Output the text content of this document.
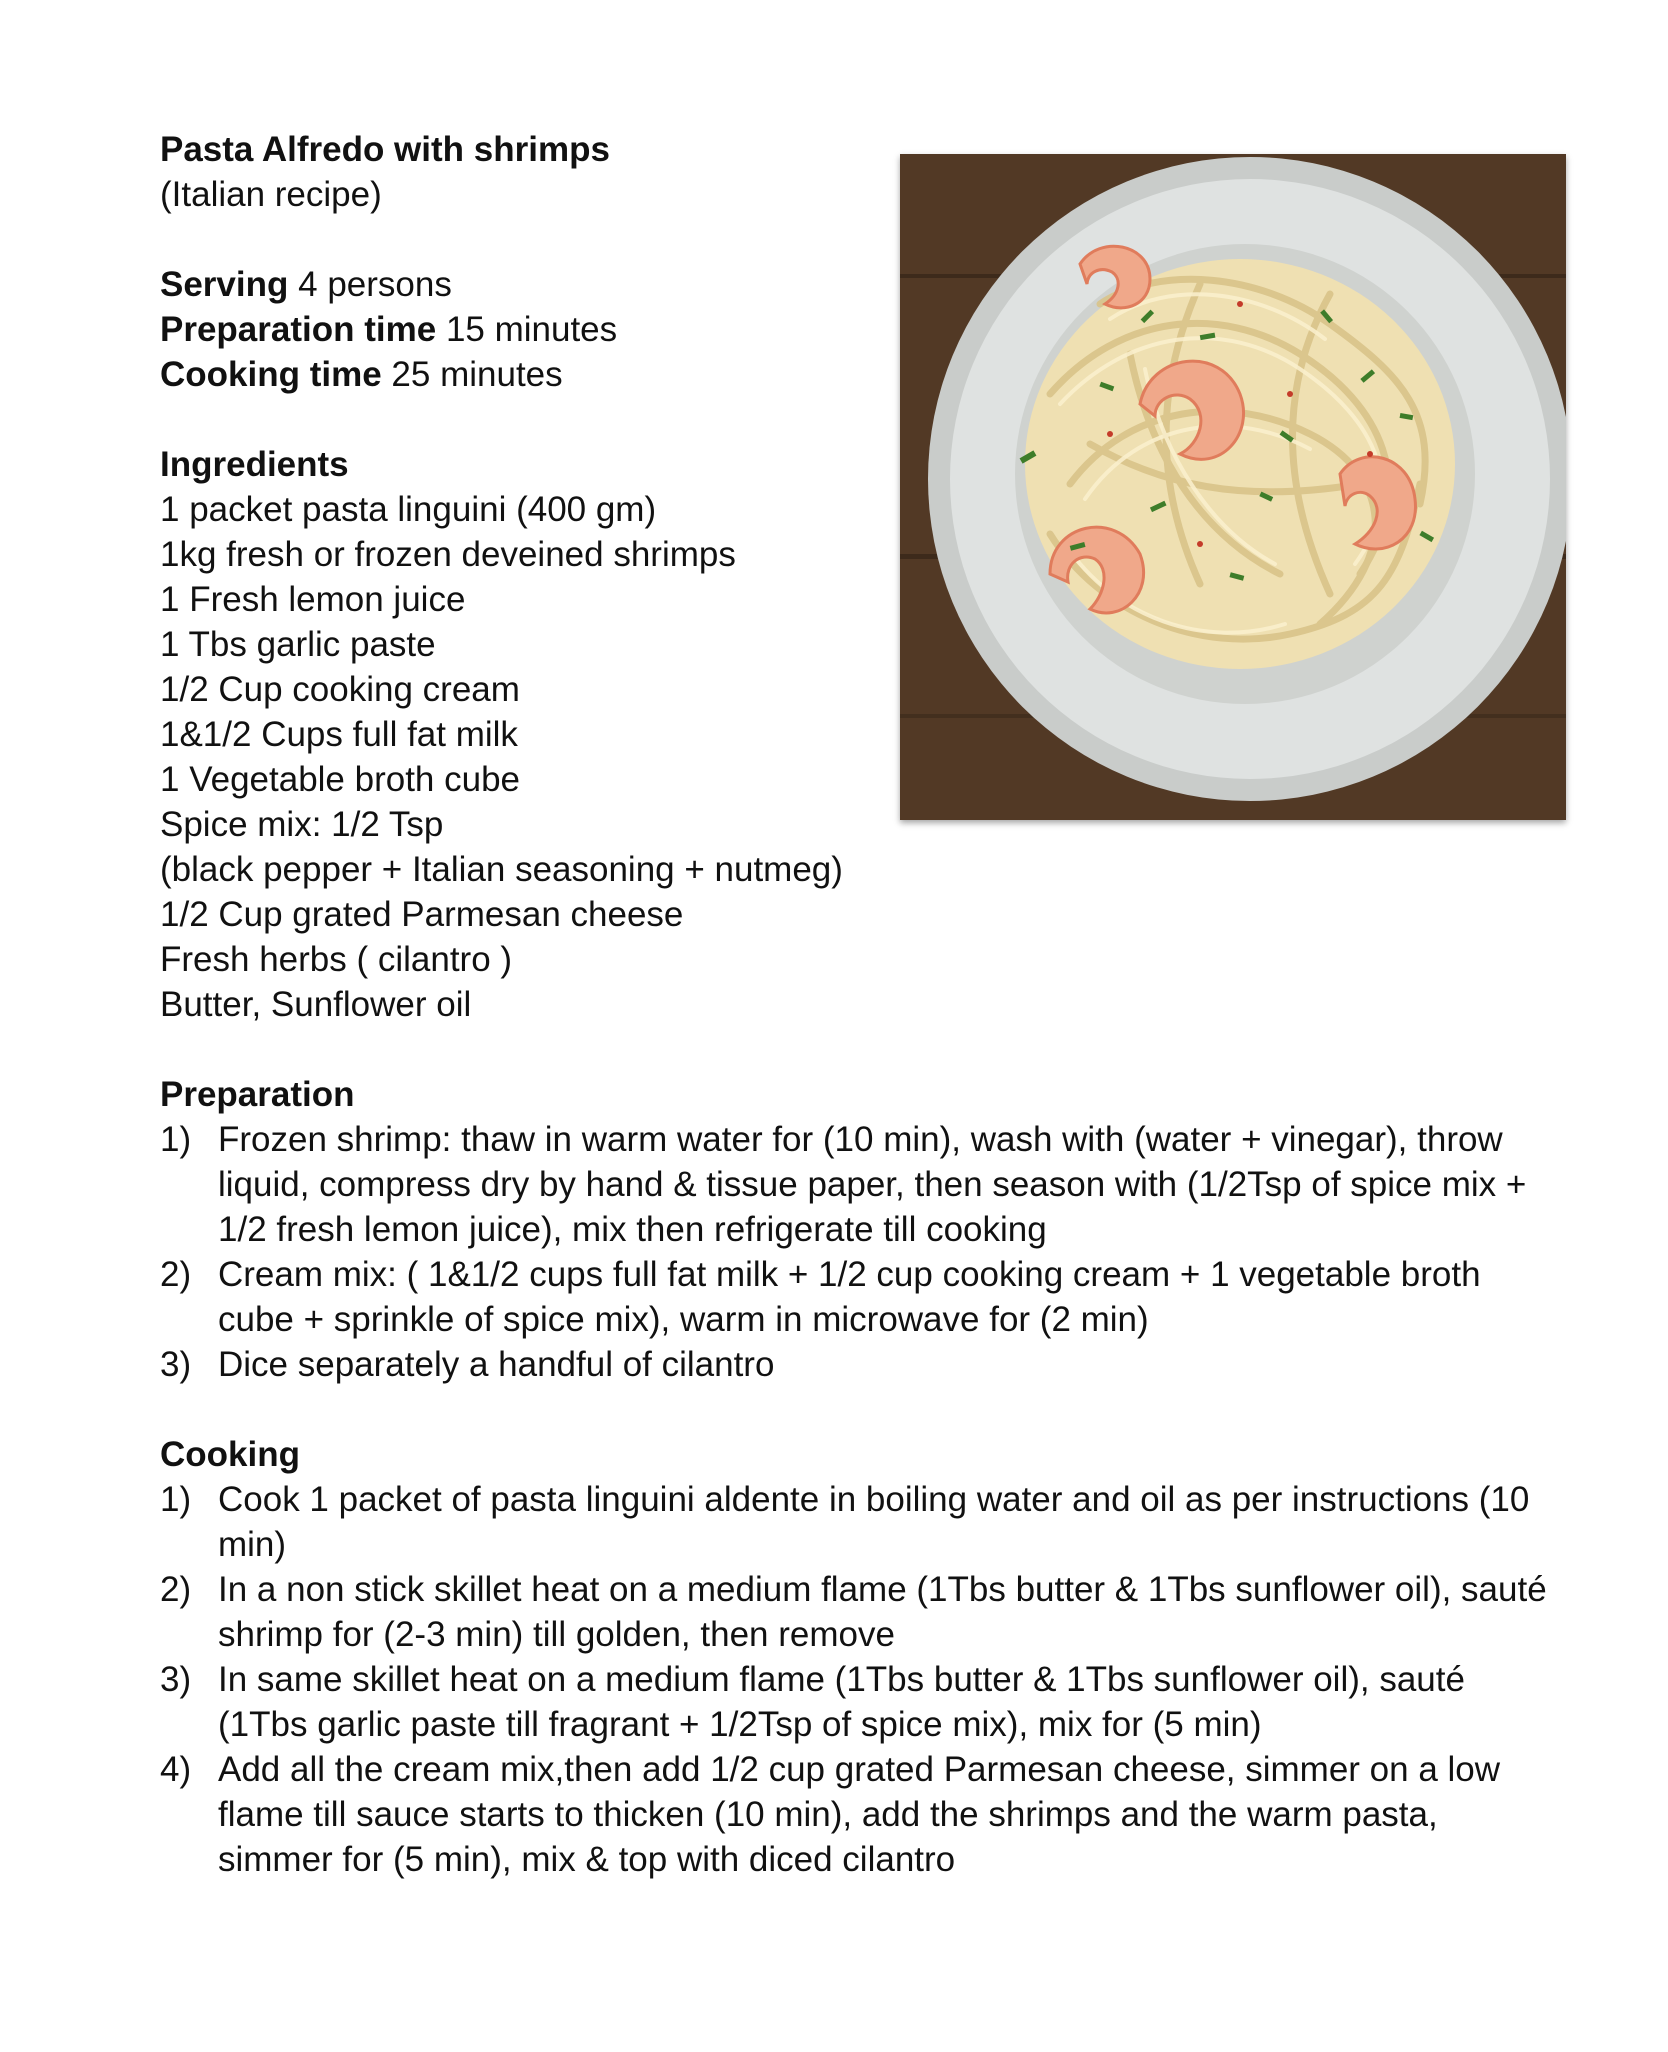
Pasta Alfredo with shrimps

(Italian recipe)

Serving 4 persons

Preparation time 15 minutes

Cooking time 25 minutes

Ingredients

1 packet pasta linguini (400 gm)

1kg fresh or frozen deveined shrimps

1 Fresh lemon juice

1 Tbs garlic paste

1/2 Cup cooking cream

1&1/2 Cups full fat milk

1 Vegetable broth cube

Spice mix: 1/2 Tsp

(black pepper + Italian seasoning + nutmeg)

1/2 Cup grated Parmesan cheese

Fresh herbs ( cilantro )

Butter, Sunflower oil

Preparation

1) Frozen shrimp: thaw in warm water for (10 min), wash with (water + vinegar), throw liquid, compress dry by hand & tissue paper, then season with (1/2Tsp of spice mix + 1/2 fresh lemon juice), mix then refrigerate till cooking
2) Cream mix: ( 1&1/2 cups full fat milk + 1/2 cup cooking cream + 1 vegetable broth cube + sprinkle of spice mix), warm in microwave for (2 min)
3) Dice separately a handful of cilantro

Cooking

1) Cook 1 packet of pasta linguini aldente in boiling water and oil as per instructions (10 min)
2) In a non stick skillet heat on a medium flame (1Tbs butter & 1Tbs sunflower oil), sauté shrimp for (2-3 min) till golden, then remove
3) In same skillet heat on a medium flame (1Tbs butter & 1Tbs sunflower oil), sauté (1Tbs garlic paste till fragrant + 1/2Tsp of spice mix), mix for (5 min)
4) Add all the cream mix,then add 1/2 cup grated Parmesan cheese, simmer on a low flame till sauce starts to thicken (10 min), add the shrimps and the warm pasta, simmer for (5 min), mix & top with diced cilantro
